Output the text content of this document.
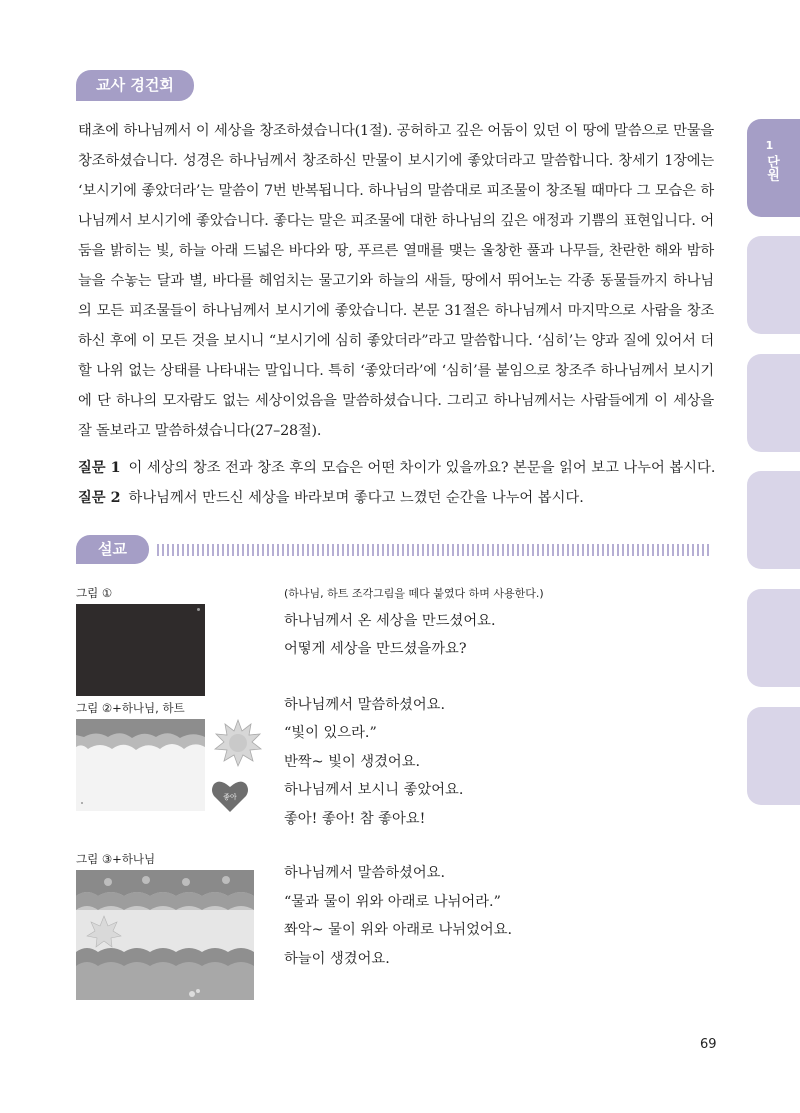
교사 경건회

태초에 하나님께서 이 세상을 창조하셨습니다(1절). 공허하고 깊은 어둠이 있던 이 땅에 말씀으로 만물을 창조하셨습니다. 성경은 하나님께서 창조하신 만물이 보시기에 좋았더라고 말씀합니다. 창세기 1장에는 ‘보시기에 좋았더라’는 말씀이 7번 반복됩니다. 하나님의 말씀대로 피조물이 창조될 때마다 그 모습은 하나님께서 보시기에 좋았습니다. 좋다는 말은 피조물에 대한 하나님의 깊은 애정과 기쁨의 표현입니다. 어둠을 밝히는 빛, 하늘 아래 드넓은 바다와 땅, 푸르른 열매를 맺는 울창한 풀과 나무들, 찬란한 해와 밤하늘을 수놓는 달과 별, 바다를 헤엄치는 물고기와 하늘의 새들, 땅에서 뛰어노는 각종 동물들까지 하나님의 모든 피조물들이 하나님께서 보시기에 좋았습니다. 본문 31절은 하나님께서 마지막으로 사람을 창조하신 후에 이 모든 것을 보시니 “보시기에 심히 좋았더라”라고 말씀합니다. ‘심히’는 양과 질에 있어서 더할 나위 없는 상태를 나타내는 말입니다. 특히 ‘좋았더라’에 ‘심히’를 붙임으로 창조주 하나님께서 보시기에 단 하나의 모자람도 없는 세상이었음을 말씀하셨습니다. 그리고 하나님께서는 사람들에게 이 세상을 잘 돌보라고 말씀하셨습니다(27–28절).

질문 1 이 세상의 창조 전과 창조 후의 모습은 어떤 차이가 있을까요? 본문을 읽어 보고 나누어 봅시다.
질문 2 하나님께서 만드신 세상을 바라보며 좋다고 느꼈던 순간을 나누어 봅시다.
설교
(하나님, 하트 조각그림을 떼다 붙였다 하며 사용한다.)
그림 ①
그림 ②+하나님, 하트
좋아
그림 ③+하나님
하나님께서 온 세상을 만드셨어요.
어떻게 세상을 만드셨을까요?
하나님께서 말씀하셨어요.
“빛이 있으라.”
반짝~ 빛이 생겼어요.
하나님께서 보시니 좋았어요.
좋아! 좋아! 참 좋아요!
하나님께서 말씀하셨어요.
“물과 물이 위와 아래로 나뉘어라.”
쫘악~ 물이 위와 아래로 나뉘었어요.
하늘이 생겼어요.
1
단원
69
